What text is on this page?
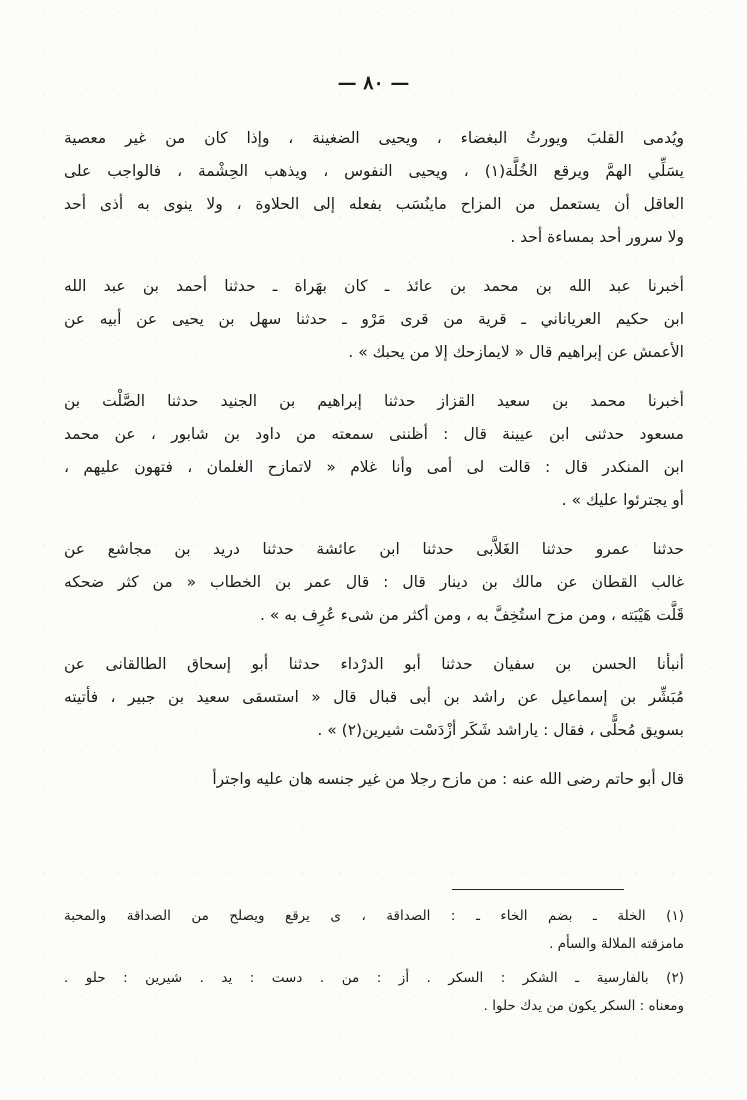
— ٨٠ —

ويُدمى القلبَ ويورثُ البغضاء ، ويحيى الضغينة ، وإذا كان من غير معصية
يسَلِّي الهمَّ ويرقع الخُلَّة(١) ، ويحيى النفوس ، ويذهب الحِشْمة ، فالواجب على
العاقل أن يستعمل من المزاح ماينُسَب بفعله إلى الحلاوة ، ولا ينوى به أذى أحد
ولا سرور أحد بمساءة أحد .

أخبرنا عبد الله بن محمد بن عائذ ـ كان بهَراة ـ حدثنا أحمد بن عبد الله
ابن حكيم العرياناني ـ قرية من قرى مَرْو ـ حدثنا سهل بن يحيى عن أبيه عن
الأعمش عن إبراهيم قال « لايمازحك إلا من يحبك » .

أخبرنا محمد بن سعيد القزاز حدثنا إبراهيم بن الجنيد حدثنا الصَّلْت بن
مسعود حدثنى ابن عيينة قال : أظننى سمعته من داود بن شابور ، عن محمد
ابن المنكدر قال : قالت لى أمى وأنا غلام « لاتمازح الغلمان ، فتهون عليهم ،
أو يجترئوا عليك » .

حدثنا عمرو حدثنا الغَلاَّبى حدثنا ابن عائشة حدثنا دريد بن مجاشع عن
غالب القطان عن مالك بن دينار قال : قال عمر بن الخطاب « من كثر ضحكه
قَلَّت هَيْبَته ، ومن مزح استُخِفَّ به ، ومن أكثر من شىء عُرِف به » .

أنبأنا الحسن بن سفيان حدثنا أبو الدرْداء حدثنا أبو إسحاق الطالقانى عن
مُبَشِّر بن إسماعيل عن راشد بن أبى قبال قال « استسقى سعيد بن جبير ، فأتيته
بسويق مُحلًّى ، فقال : ياراشد شَكَر أزْدَسْت شيرين(٢) » .

قال أبو حاتم رضى الله عنه : من مازح رجلا من غير جنسه هان عليه واجترأ

(١) الخلة ـ بضم الخاء ـ : الصداقة ، ى يرقع ويصلح من الصداقة والمحبة
مامزقته الملالة والسأم .

(٢) بالفارسية ـ الشكر : السكر . أز : من . دست : يد . شيرين : حلو .
ومعناه : السكر يكون من يدك حلوا .
